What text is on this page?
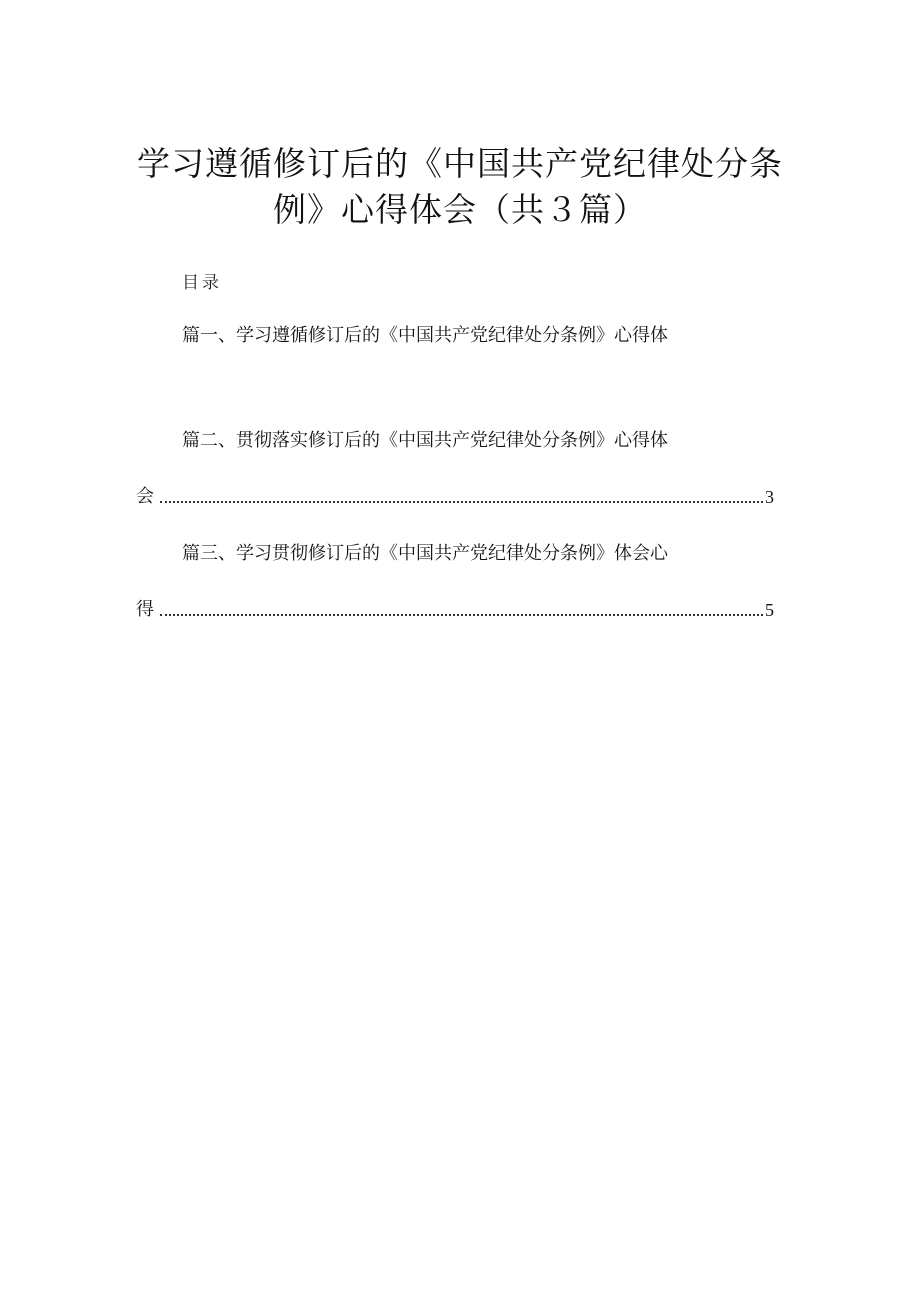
学习遵循修订后的《中国共产党纪律处分条
例》心得体会（共３篇）
目录
篇一、学习遵循修订后的《中国共产党纪律处分条例》心得体
篇二、贯彻落实修订后的《中国共产党纪律处分条例》心得体
会	3
篇三、学习贯彻修订后的《中国共产党纪律处分条例》体会心
得	5
